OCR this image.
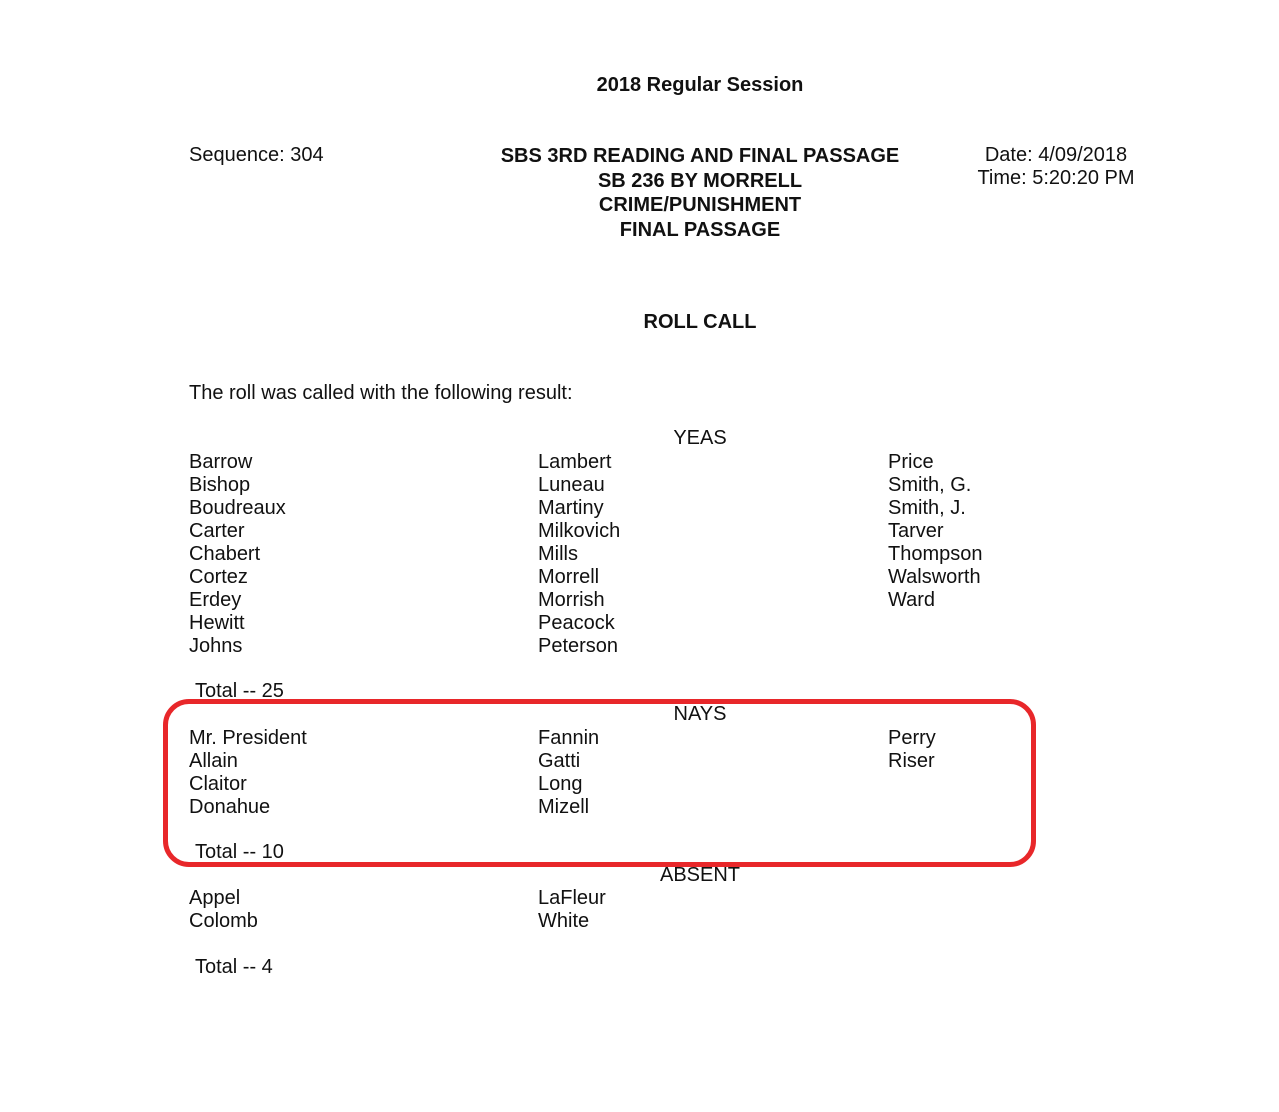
2018 Regular Session
Sequence: 304	SBS 3RD READING AND FINAL PASSAGE
SB 236 BY MORRELL
CRIME/PUNISHMENT
FINAL PASSAGE
Date: 4/09/2018
Time: 5:20:20 PM
ROLL CALL
The roll was called with the following result:
YEAS
Barrow
Bishop
Boudreaux
Carter
Chabert
Cortez
Erdey
Hewitt
Johns
Lambert
Luneau
Martiny
Milkovich
Mills
Morrell
Morrish
Peacock
Peterson
Price
Smith, G.
Smith, J.
Tarver
Thompson
Walsworth
Ward
Total -- 25
NAYS
Mr. President
Allain
Claitor
Donahue
Fannin
Gatti
Long
Mizell
Perry
Riser
Total -- 10
ABSENT
Appel
Colomb
LaFleur
White
Total -- 4
